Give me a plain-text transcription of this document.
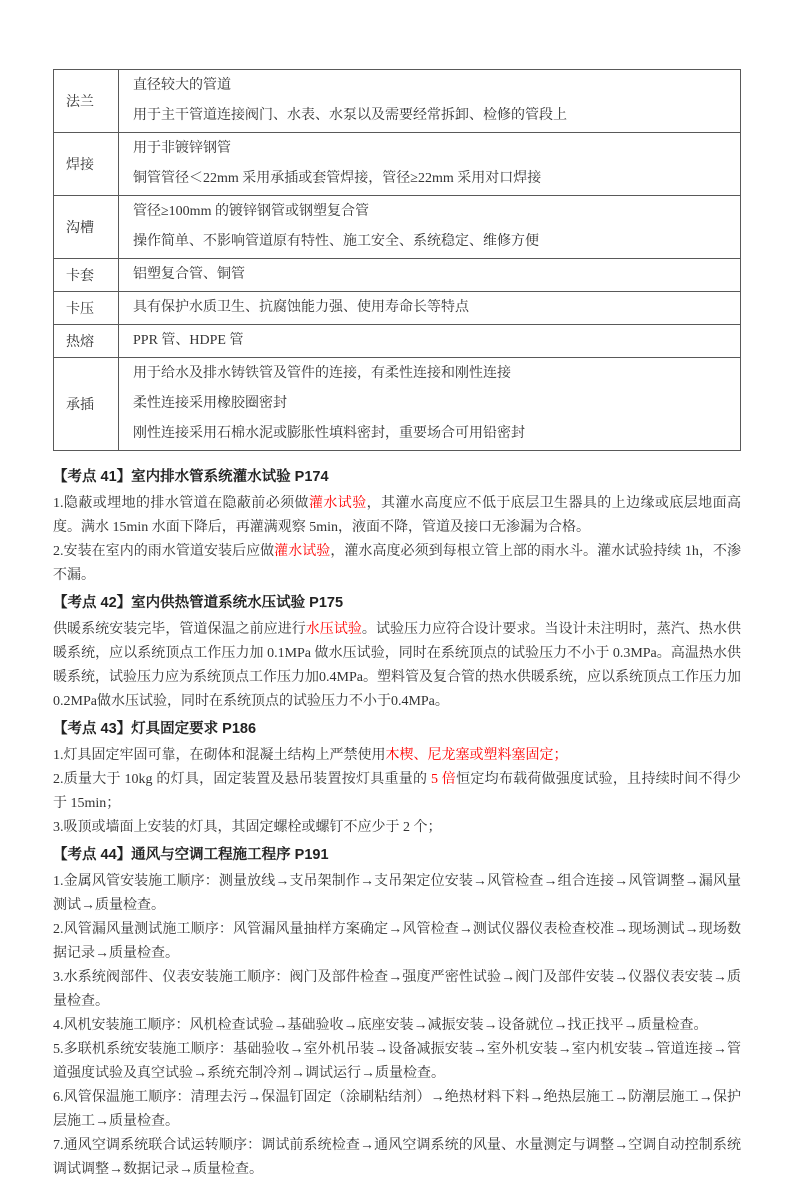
法兰	直径较大的管道

用于主干管道连接阀门、水表、水泵以及需要经常拆卸、检修的管段上

焊接	用于非镀锌钢管

铜管管径＜22mm 采用承插或套管焊接，管径≥22mm 采用对口焊接

沟槽	管径≥100mm 的镀锌钢管或钢塑复合管

操作简单、不影响管道原有特性、施工安全、系统稳定、维修方便

卡套	铝塑复合管、铜管

卡压	具有保护水质卫生、抗腐蚀能力强、使用寿命长等特点

热熔	PPR 管、HDPE 管

承插	用于给水及排水铸铁管及管件的连接，有柔性连接和刚性连接

柔性连接采用橡胶圈密封

刚性连接采用石棉水泥或膨胀性填料密封，重要场合可用铅密封

【考点 41】室内排水管系统灌水试验 P174

1.隐蔽或埋地的排水管道在隐蔽前必须做灌水试验，其灌水高度应不低于底层卫生器具的上边缘或底层地面高度。满水 15min 水面下降后，再灌满观察 5min，液面不降，管道及接口无渗漏为合格。

2.安装在室内的雨水管道安装后应做灌水试验，灌水高度必须到每根立管上部的雨水斗。灌水试验持续 1h，不渗不漏。

【考点 42】室内供热管道系统水压试验 P175

供暖系统安装完毕，管道保温之前应进行水压试验。试验压力应符合设计要求。当设计未注明时，蒸汽、热水供暖系统，应以系统顶点工作压力加 0.1MPa 做水压试验，同时在系统顶点的试验压力不小于 0.3MPa。高温热水供暖系统，试验压力应为系统顶点工作压力加0.4MPa。塑料管及复合管的热水供暖系统，应以系统顶点工作压力加0.2MPa做水压试验，同时在系统顶点的试验压力不小于0.4MPa。

【考点 43】灯具固定要求 P186

1.灯具固定牢固可靠，在砌体和混凝土结构上严禁使用木楔、尼龙塞或塑料塞固定；

2.质量大于 10kg 的灯具，固定装置及悬吊装置按灯具重量的 5 倍恒定均布载荷做强度试验，且持续时间不得少于 15min；

3.吸顶或墙面上安装的灯具，其固定螺栓或螺钉不应少于 2 个；

【考点 44】通风与空调工程施工程序 P191

1.金属风管安装施工顺序：测量放线→支吊架制作→支吊架定位安装→风管检查→组合连接→风管调整→漏风量测试→质量检查。

2.风管漏风量测试施工顺序：风管漏风量抽样方案确定→风管检查→测试仪器仪表检查校准→现场测试→现场数据记录→质量检查。

3.水系统阀部件、仪表安装施工顺序：阀门及部件检查→强度严密性试验→阀门及部件安装→仪器仪表安装→质量检查。

4.风机安装施工顺序：风机检查试验→基础验收→底座安装→减振安装→设备就位→找正找平→质量检查。

5.多联机系统安装施工顺序：基础验收→室外机吊装→设备减振安装→室外机安装→室内机安装→管道连接→管道强度试验及真空试验→系统充制冷剂→调试运行→质量检查。

6.风管保温施工顺序：清理去污→保温钉固定（涂刷粘结剂）→绝热材料下料→绝热层施工→防潮层施工→保护层施工→质量检查。

7.通风空调系统联合试运转顺序：调试前系统检查→通风空调系统的风量、水量测定与调整→空调自动控制系统调试调整→数据记录→质量检查。
